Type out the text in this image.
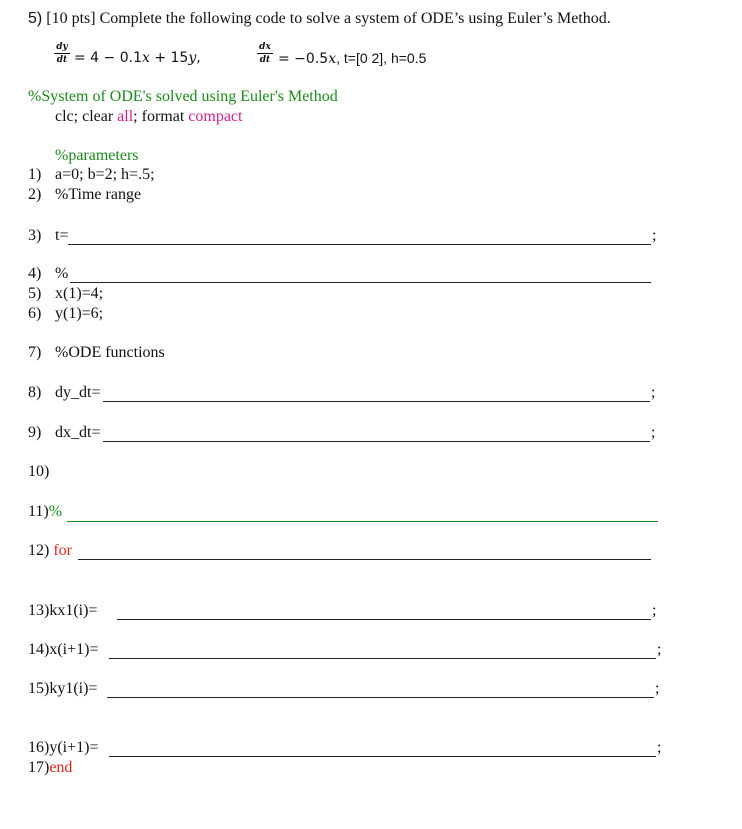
5) [10 pts] Complete the following code to solve a system of ODE’s using Euler’s Method.
dy
dt = 4 − 0.1x + 15y,
dx
dt = −0.5x, t=[0 2], h=0.5
%System of ODE's solved using Euler's Method
clc; clear all; format compact
%parameters
1) a=0; b=2; h=.5;
2) %Time range
3) t=	;
4) %
5) x(1)=4;
6) y(1)=6;
7) %ODE functions
8) dy_dt=	;
9) dx_dt=	;
10)
11)%
12) for
13)kx1(i)=	;
14)x(i+1)=	;
15)ky1(i)=	;
16)y(i+1)=	;
17)end
